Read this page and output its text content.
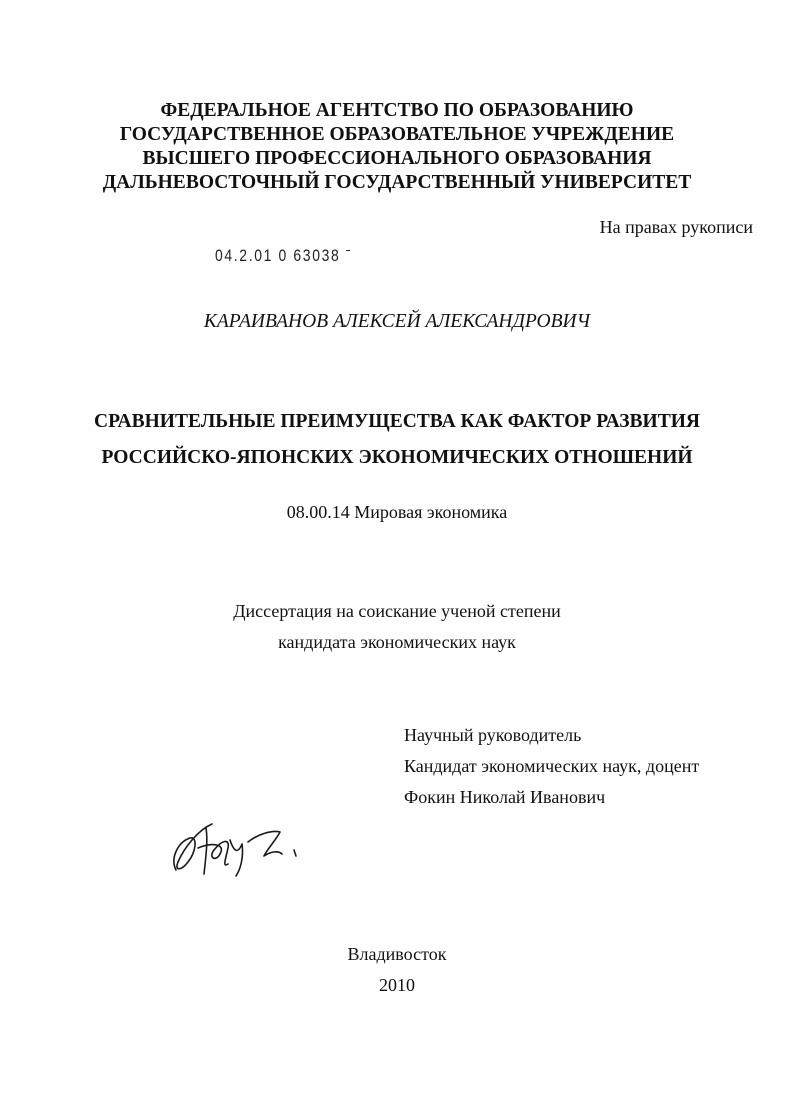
ФЕДЕРАЛЬНОЕ АГЕНТСТВО ПО ОБРАЗОВАНИЮ
ГОСУДАРСТВЕННОЕ ОБРАЗОВАТЕЛЬНОЕ УЧРЕЖДЕНИЕ
ВЫСШЕГО ПРОФЕССИОНАЛЬНОГО ОБРАЗОВАНИЯ
ДАЛЬНЕВОСТОЧНЫЙ ГОСУДАРСТВЕННЫЙ УНИВЕРСИТЕТ
На правах рукописи
04.2.01 0 63038 ˉ
КАРАИВАНОВ АЛЕКСЕЙ АЛЕКСАНДРОВИЧ
СРАВНИТЕЛЬНЫЕ ПРЕИМУЩЕСТВА КАК ФАКТОР РАЗВИТИЯ
РОССИЙСКО-ЯПОНСКИХ ЭКОНОМИЧЕСКИХ ОТНОШЕНИЙ
08.00.14 Мировая экономика
Диссертация на соискание ученой степени
кандидата экономических наук
Научный руководитель
Кандидат экономических наук, доцент
Фокин Николай Иванович
Владивосток
2010
